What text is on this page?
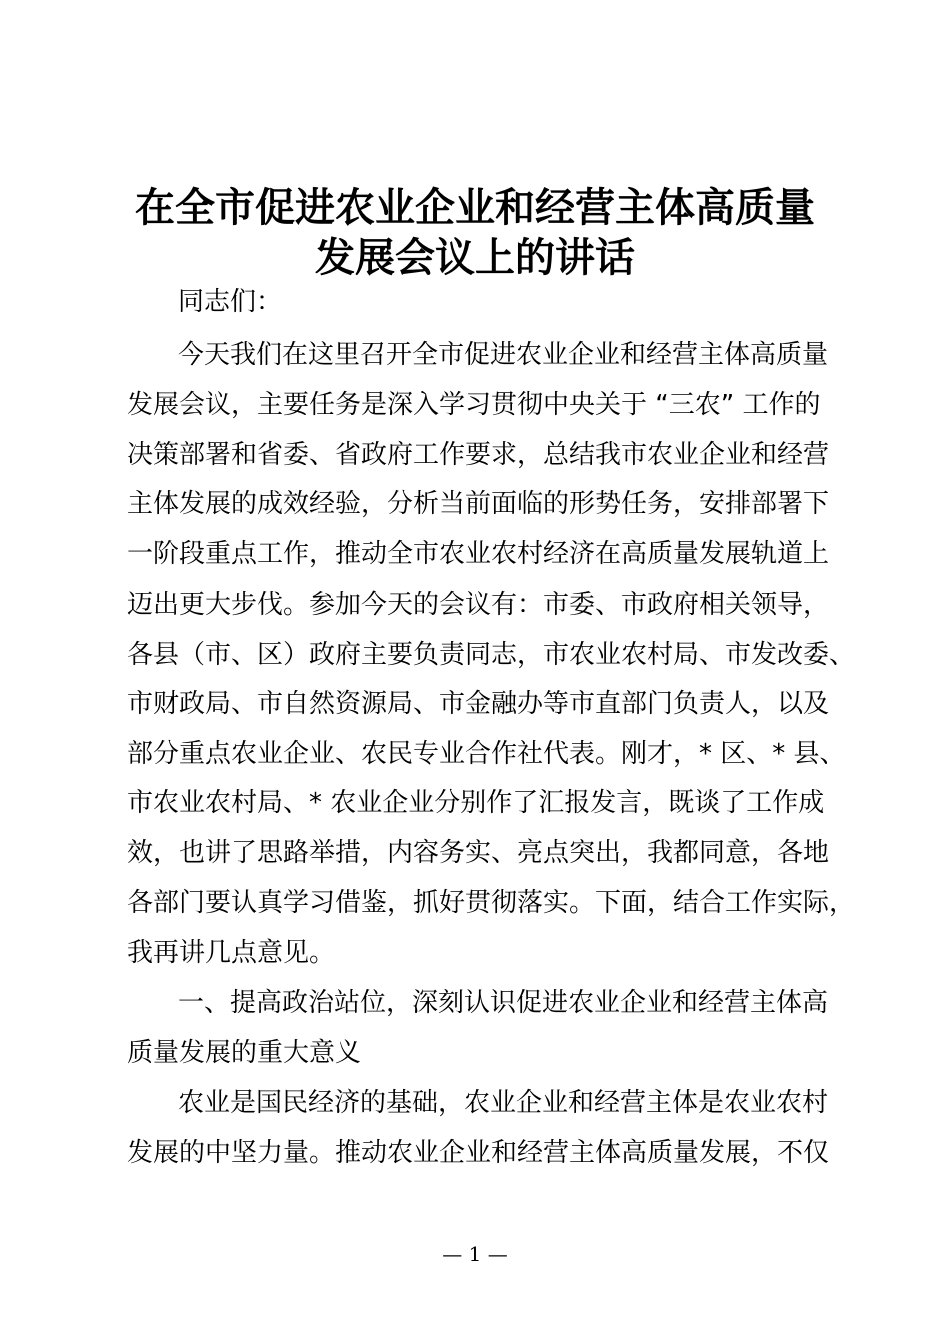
在全市促进农业企业和经营主体高质量
发展会议上的讲话
同志们：
今天我们在这里召开全市促进农业企业和经营主体高质量
发展会议，主要任务是深入学习贯彻中央关于 “三农” 工作的
决策部署和省委、省政府工作要求，总结我市农业企业和经营
主体发展的成效经验，分析当前面临的形势任务，安排部署下
一阶段重点工作，推动全市农业农村经济在高质量发展轨道上
迈出更大步伐。参加今天的会议有：市委、市政府相关领导，
各县（市、区）政府主要负责同志，市农业农村局、市发改委、
市财政局、市自然资源局、市金融办等市直部门负责人，以及
部分重点农业企业、农民专业合作社代表。刚才，* 区、* 县、
市农业农村局、* 农业企业分别作了汇报发言，既谈了工作成
效，也讲了思路举措，内容务实、亮点突出，我都同意，各地
各部门要认真学习借鉴，抓好贯彻落实。下面，结合工作实际，
我再讲几点意见。
一、提高政治站位，深刻认识促进农业企业和经营主体高
质量发展的重大意义
农业是国民经济的基础，农业企业和经营主体是农业农村
发展的中坚力量。推动农业企业和经营主体高质量发展，不仅
— 1 —
